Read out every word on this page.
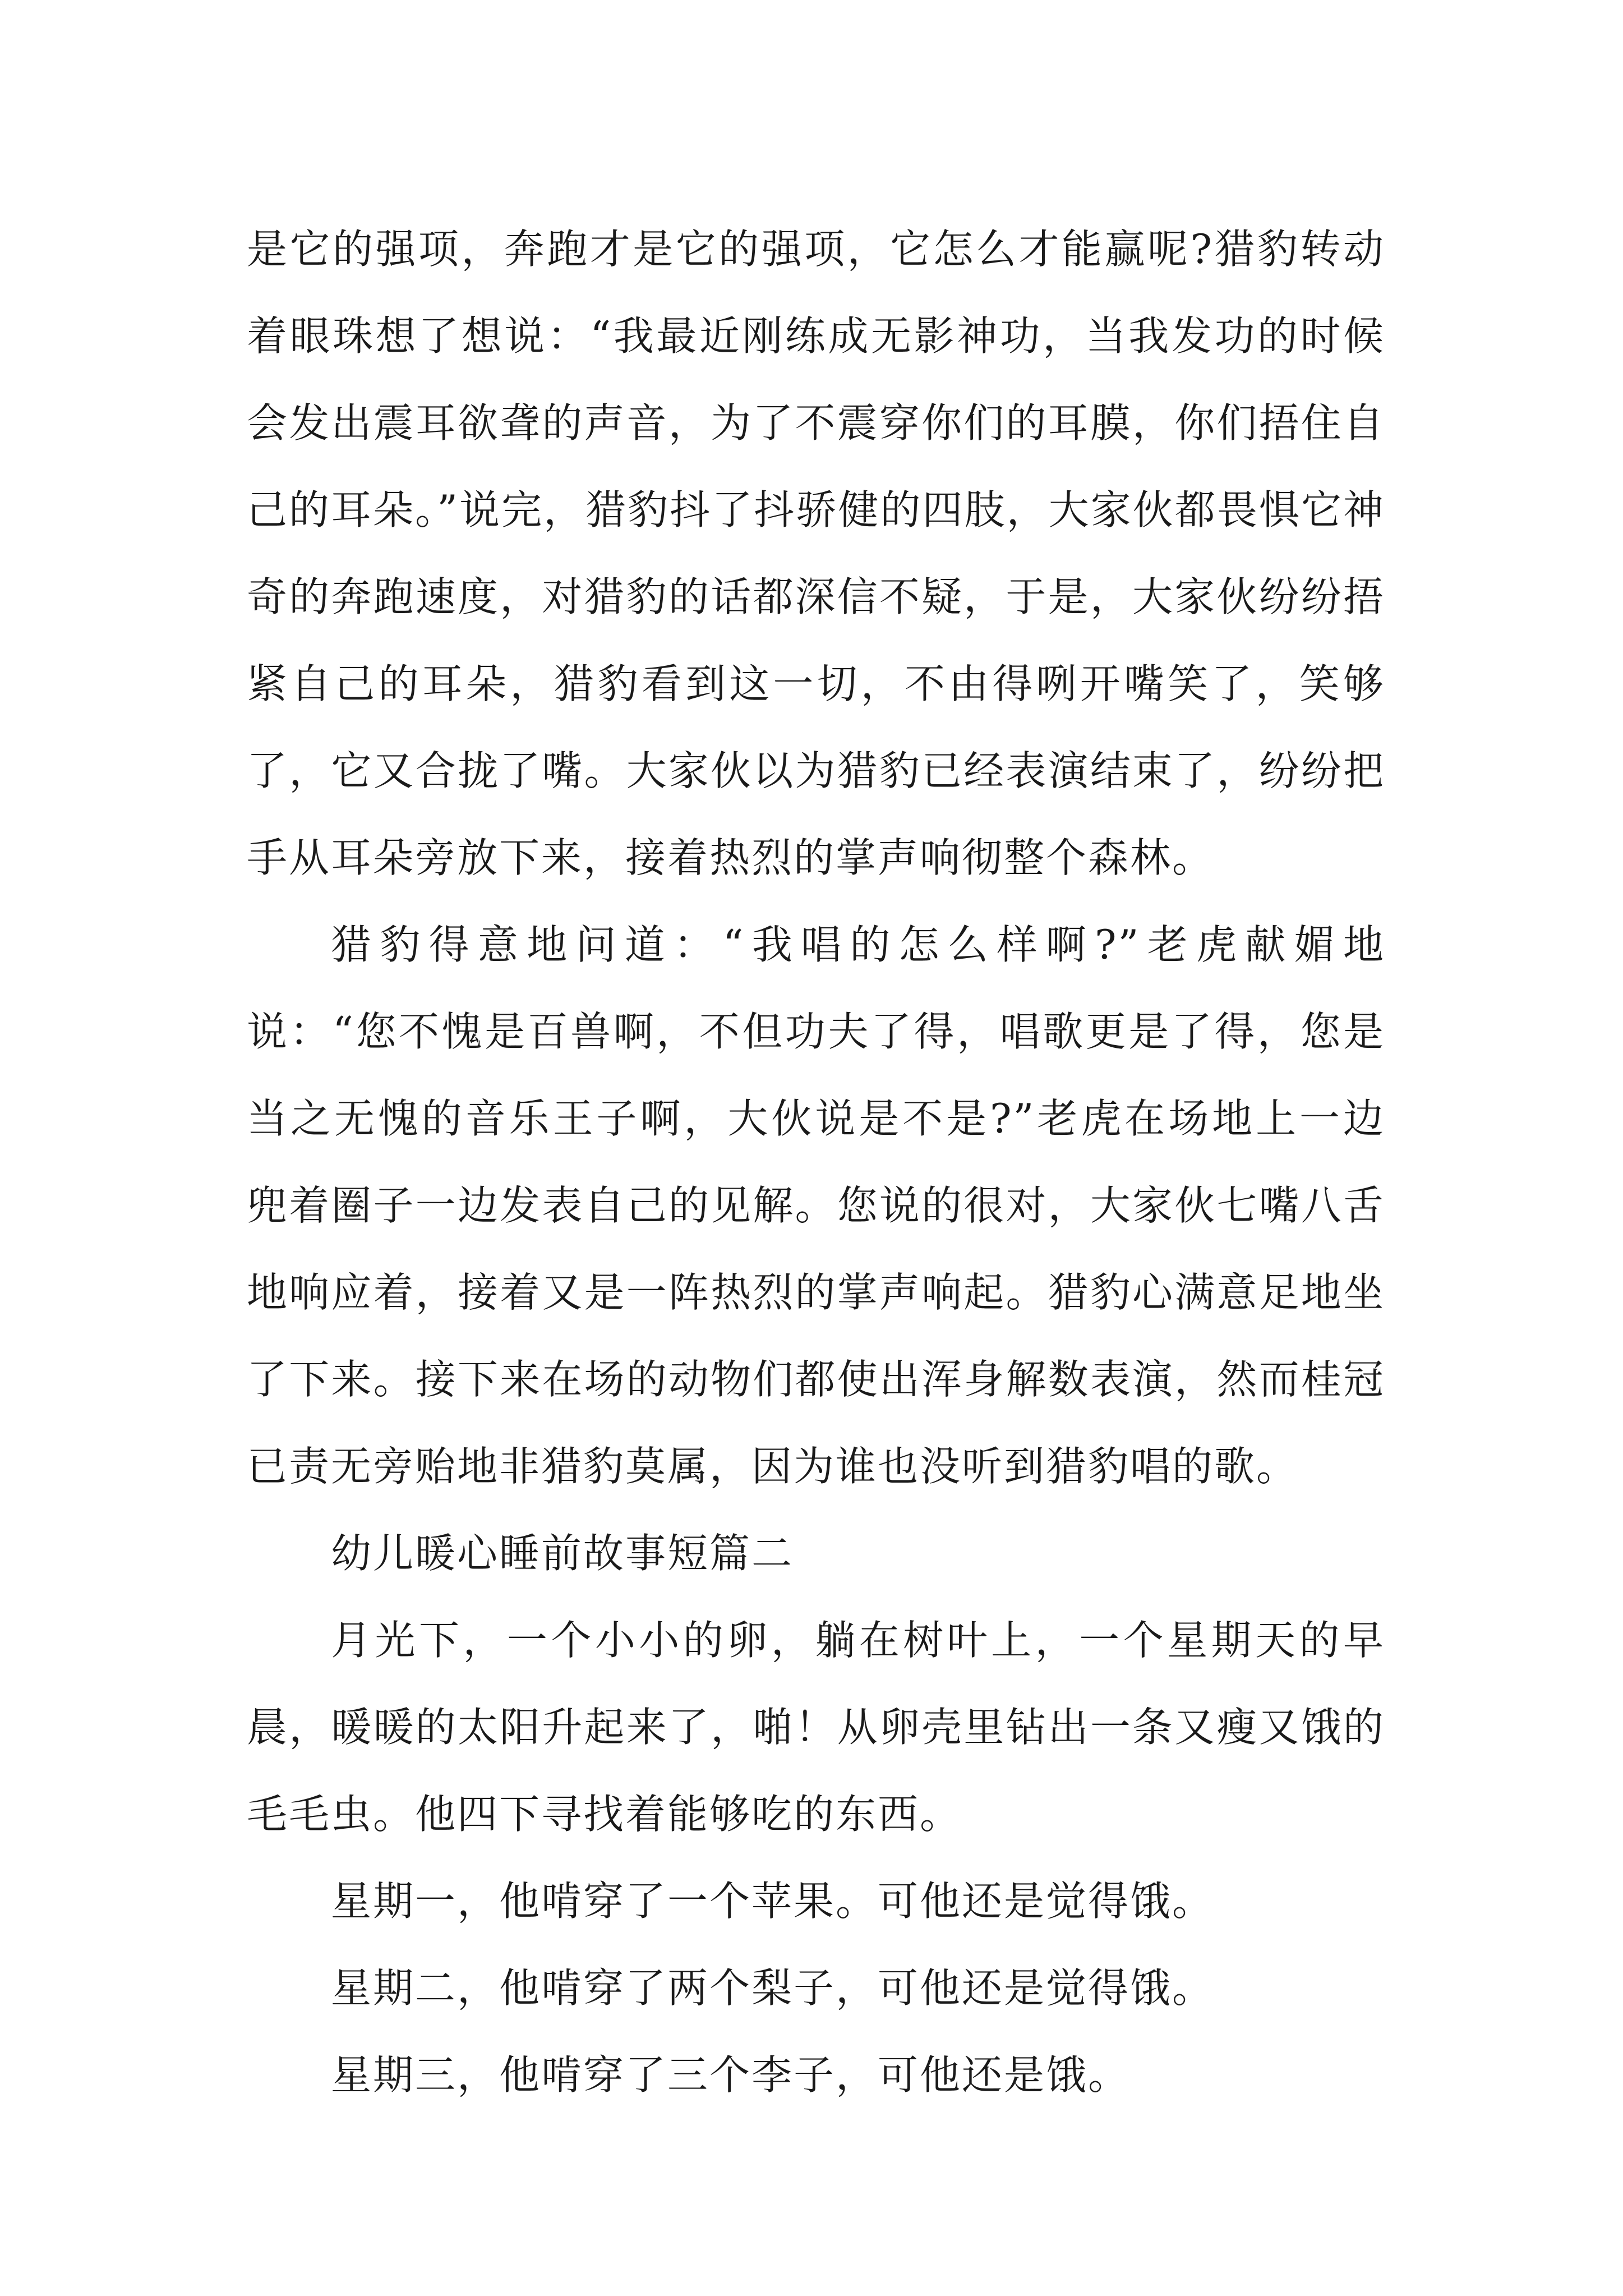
是它的强项，奔跑才是它的强项，它怎么才能赢呢?猎豹转动着眼珠想了想说：“我最近刚练成无影神功，当我发功的时候会发出震耳欲聋的声音，为了不震穿你们的耳膜，你们捂住自己的耳朵。”说完，猎豹抖了抖骄健的四肢，大家伙都畏惧它神奇的奔跑速度，对猎豹的话都深信不疑，于是，大家伙纷纷捂紧自己的耳朵，猎豹看到这一切，不由得咧开嘴笑了，笑够了，它又合拢了嘴。大家伙以为猎豹已经表演结束了，纷纷把手从耳朵旁放下来，接着热烈的掌声响彻整个森林。

猎豹得意地问道：“我唱的怎么样啊?”老虎献媚地说：“您不愧是百兽啊，不但功夫了得，唱歌更是了得，您是当之无愧的音乐王子啊，大伙说是不是?”老虎在场地上一边兜着圈子一边发表自己的见解。您说的很对，大家伙七嘴八舌地响应着，接着又是一阵热烈的掌声响起。猎豹心满意足地坐了下来。接下来在场的动物们都使出浑身解数表演，然而桂冠已责无旁贻地非猎豹莫属，因为谁也没听到猎豹唱的歌。

幼儿暖心睡前故事短篇二

月光下，一个小小的卵，躺在树叶上，一个星期天的早晨，暖暖的太阳升起来了，啪！从卵壳里钻出一条又瘦又饿的毛毛虫。他四下寻找着能够吃的东西。

星期一，他啃穿了一个苹果。可他还是觉得饿。

星期二，他啃穿了两个梨子，可他还是觉得饿。

星期三，他啃穿了三个李子，可他还是饿。
